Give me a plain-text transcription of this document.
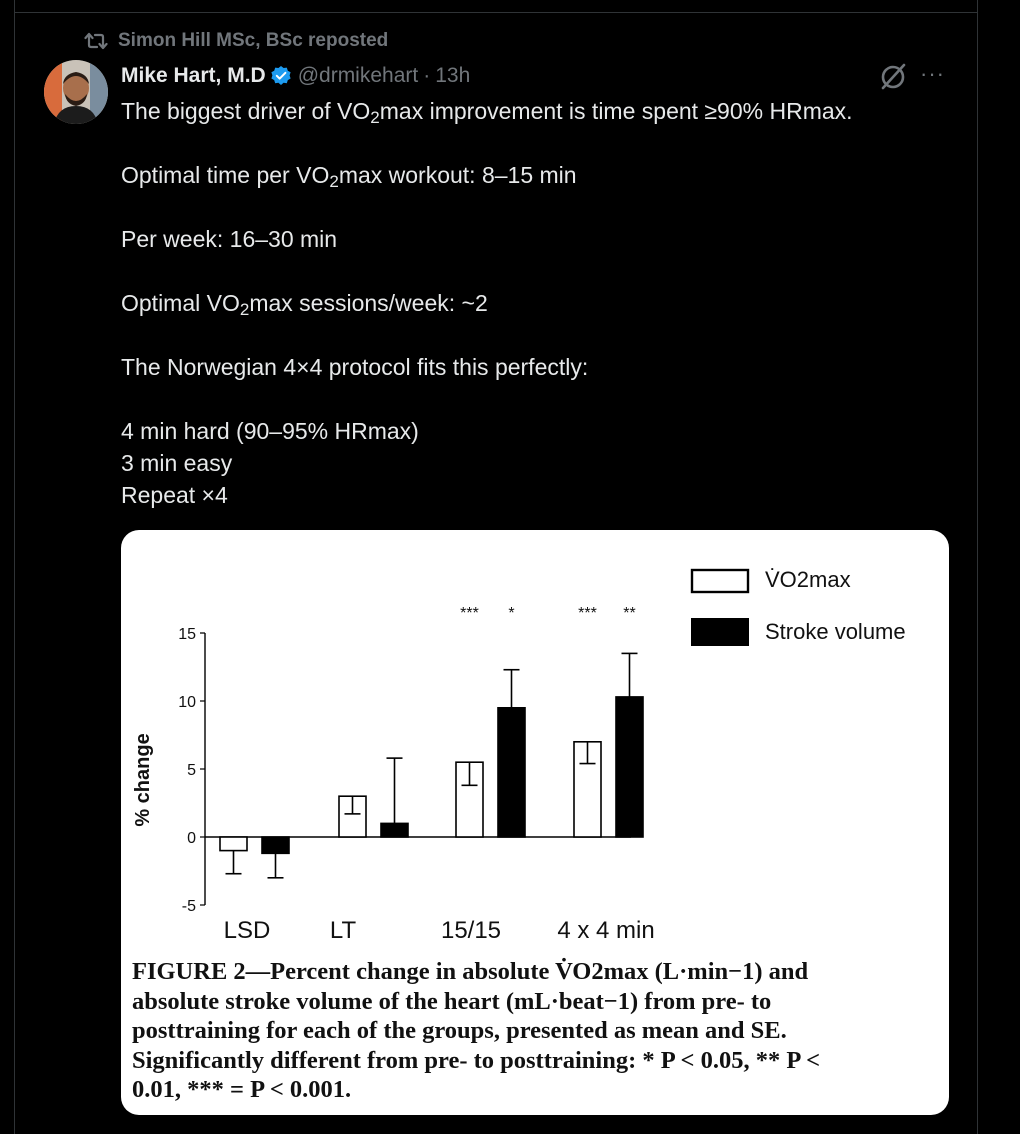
Simon Hill MSc, BSc reposted
Mike Hart, M.D @drmikehart · 13h	···
The biggest driver of $VO_2\max$ improvement is time spent ≥90% HRmax.
Optimal time per $VO_2\max$ workout: 8–15 min
Per week: 16–30 min
Optimal $VO_2\max$ sessions/week: ~2
The Norwegian 4×4 protocol fits this perfectly:
4 min hard (90–95% HRmax)
3 min easy
Repeat ×4
-5
0
5
10
15
% change
LSD LT
*** *
15/15
*** **
4 x 4 min
V̇O2max
Stroke volume
FIGURE 2—Percent change in absolute V̇O2max (L·min−1) and
absolute stroke volume of the heart (mL·beat−1) from pre- to
posttraining for each of the groups, presented as mean and SE.
Significantly different from pre- to posttraining: * P < 0.05, ** P <
0.01, *** = P < 0.001.
